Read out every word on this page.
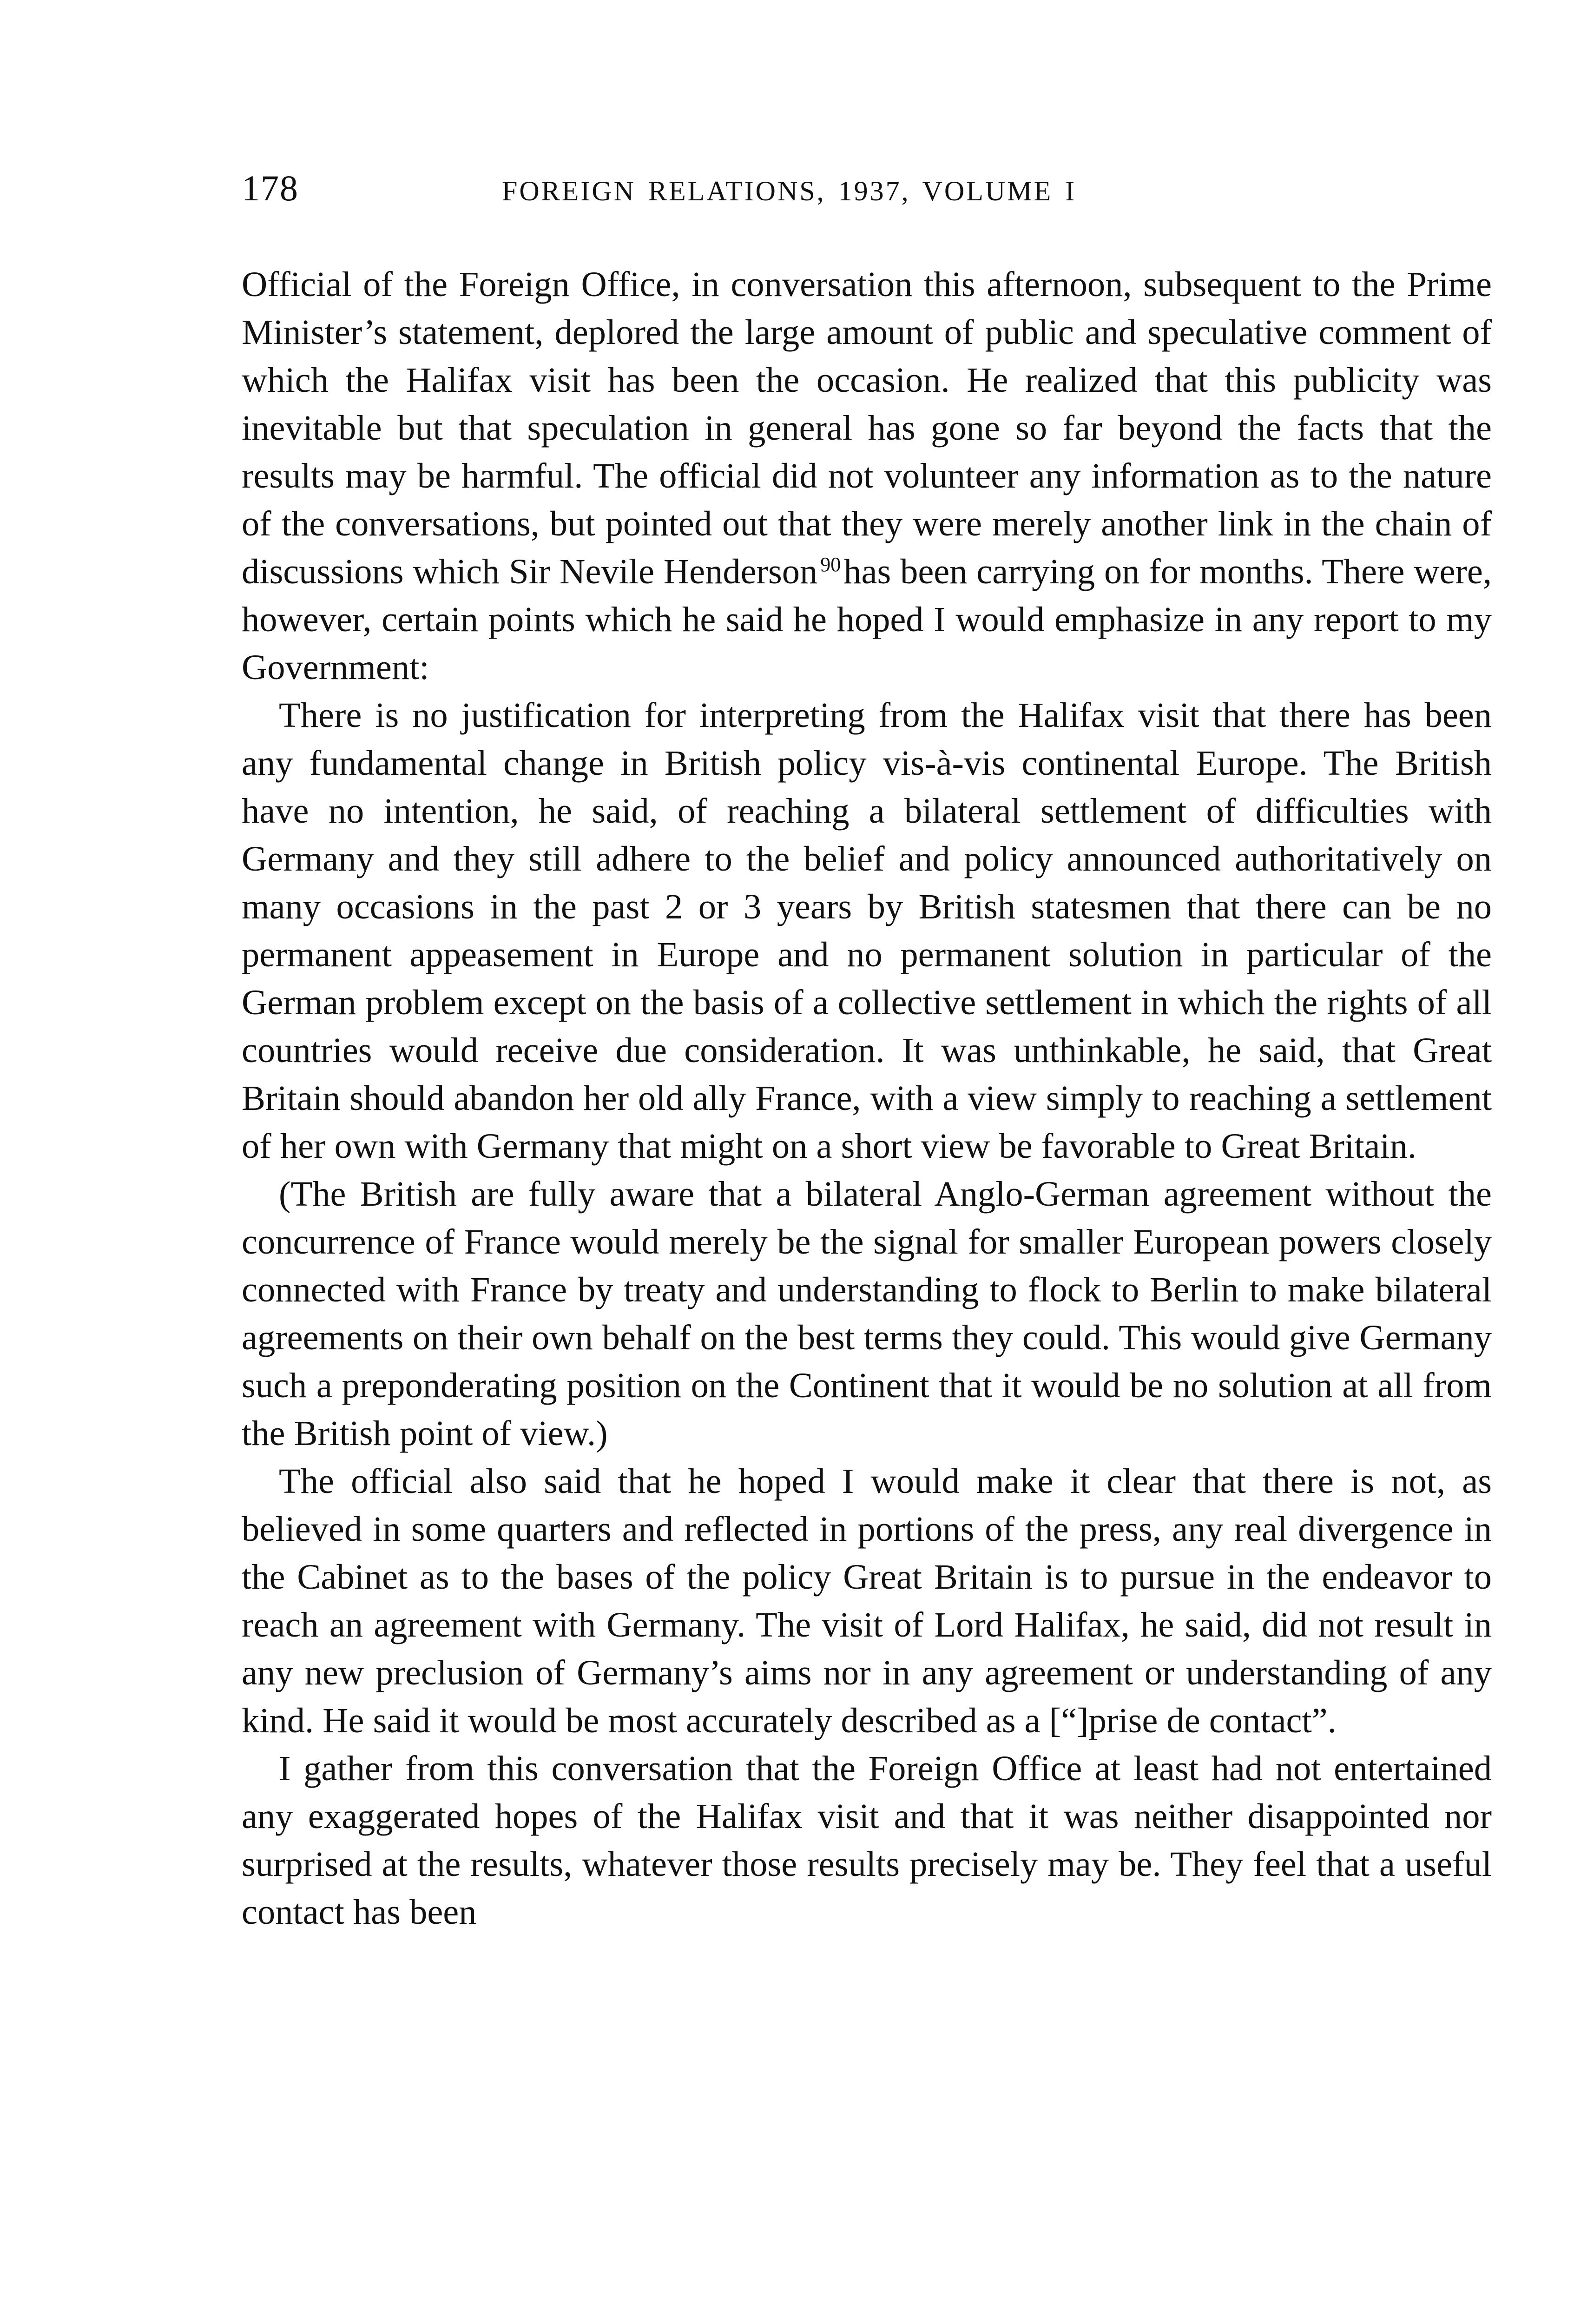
178	FOREIGN RELATIONS, 1937, VOLUME I

Official of the Foreign Office, in conversation this afternoon, subsequent to the Prime Minister’s statement, deplored the large amount of public and speculative comment of which the Halifax visit has been the occasion. He realized that this publicity was inevitable but that speculation in general has gone so far beyond the facts that the results may be harmful. The official did not volunteer any information as to the nature of the conversations, but pointed out that they were merely another link in the chain of discussions which Sir Nevile Henderson $^{90}$has been carrying on for months. There were, however, certain points which he said he hoped I would emphasize in any report to my Government:

There is no justification for interpreting from the Halifax visit that there has been any fundamental change in British policy vis-à-vis continental Europe. The British have no intention, he said, of reaching a bilateral settlement of difficulties with Germany and they still adhere to the belief and policy announced authoritatively on many occasions in the past 2 or 3 years by British statesmen that there can be no permanent appeasement in Europe and no permanent solution in particular of the German problem except on the basis of a collective settlement in which the rights of all countries would receive due consideration. It was unthinkable, he said, that Great Britain should abandon her old ally France, with a view simply to reaching a settlement of her own with Germany that might on a short view be favorable to Great Britain.

(The British are fully aware that a bilateral Anglo-German agreement without the concurrence of France would merely be the signal for smaller European powers closely connected with France by treaty and understanding to flock to Berlin to make bilateral agreements on their own behalf on the best terms they could. This would give Germany such a preponderating position on the Continent that it would be no solution at all from the British point of view.)

The official also said that he hoped I would make it clear that there is not, as believed in some quarters and reflected in portions of the press, any real divergence in the Cabinet as to the bases of the policy Great Britain is to pursue in the endeavor to reach an agreement with Germany. The visit of Lord Halifax, he said, did not result in any new preclusion of Germany’s aims nor in any agreement or understanding of any kind. He said it would be most accurately described as a [“]prise de contact”.

I gather from this conversation that the Foreign Office at least had not entertained any exaggerated hopes of the Halifax visit and that it was neither disappointed nor surprised at the results, whatever those results precisely may be. They feel that a useful contact has been
